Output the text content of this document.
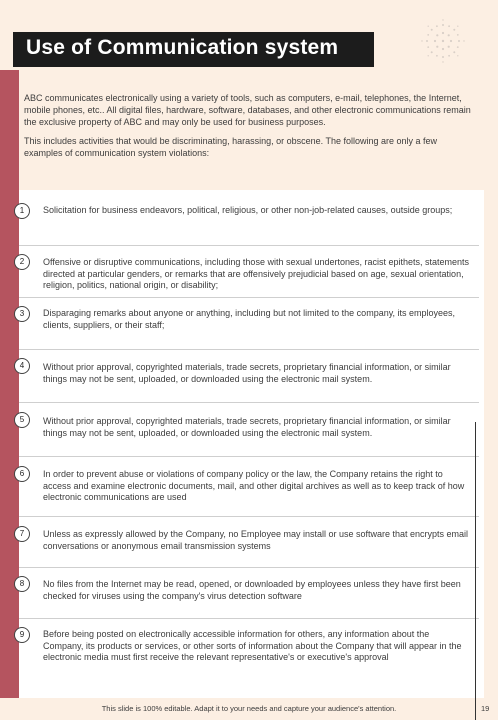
Use of Communication system

ABC communicates electronically using a variety of tools, such as computers, e-mail, telephones, the Internet, mobile phones, etc.. All digital files, hardware, software, databases, and other electronic communications remain the exclusive property of ABC and may only be used for business purposes.

This includes activities that would be discriminating, harassing, or obscene. The following are only a few examples of communication system violations:

1	Solicitation for business endeavors, political, religious, or other non-job-related causes, outside groups;
2	Offensive or disruptive communications, including those with sexual undertones, racist epithets, statements directed at particular genders, or remarks that are offensively prejudicial based on age, sexual orientation, religion, politics, national origin, or disability;
3	Disparaging remarks about anyone or anything, including but not limited to the company, its employees, clients, suppliers, or their staff;
4	Without prior approval, copyrighted materials, trade secrets, proprietary financial information, or similar things may not be sent, uploaded, or downloaded using the electronic mail system.
5	Without prior approval, copyrighted materials, trade secrets, proprietary financial information, or similar things may not be sent, uploaded, or downloaded using the electronic mail system.
6	In order to prevent abuse or violations of company policy or the law, the Company retains the right to access and examine electronic documents, mail, and other digital archives as well as to keep track of how electronic communications are used
7	Unless as expressly allowed by the Company, no Employee may install or use software that encrypts email conversations or anonymous email transmission systems
8	No files from the Internet may be read, opened, or downloaded by employees unless they have first been checked for viruses using the company's virus detection software
9	Before being posted on electronically accessible information for others, any information about the Company, its products or services, or other sorts of information about the Company that will appear in the electronic media must first receive the relevant representative's or executive's approval
This slide is 100% editable. Adapt it to your needs and capture your audience's attention.	19
